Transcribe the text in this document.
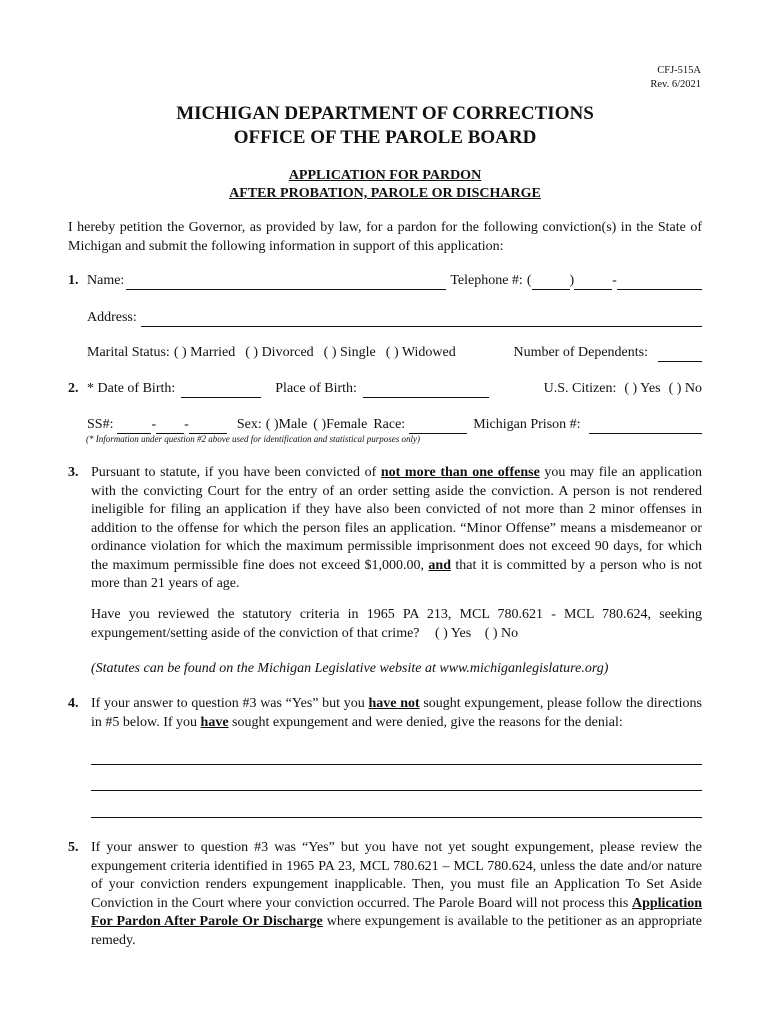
CFJ-515A
Rev. 6/2021
MICHIGAN DEPARTMENT OF CORRECTIONS
OFFICE OF THE PAROLE BOARD
APPLICATION FOR PARDON
AFTER PROBATION, PAROLE OR DISCHARGE
I hereby petition the Governor, as provided by law, for a pardon for the following conviction(s) in the State of Michigan and submit the following information in support of this application:
1. Name:	Telephone #: (	)	-
Address:
Marital Status: ( ) Married ( ) Divorced ( ) Single ( ) Widowed	Number of Dependents:
2. * Date of Birth:	Place of Birth:	U.S. Citizen: ( ) Yes ( ) No
SS#:	- -	Sex: ( )Male ( )Female Race:	Michigan Prison #:
(* Information under question #2 above used for identification and statistical purposes only)
3. Pursuant to statute, if you have been convicted of not more than one offense you may file an application with the convicting Court for the entry of an order setting aside the conviction. A person is not rendered ineligible for filing an application if they have also been convicted of not more than 2 minor offenses in addition to the offense for which the person files an application. “Minor Offense” means a misdemeanor or ordinance violation for which the maximum permissible imprisonment does not exceed 90 days, for which the maximum permissible fine does not exceed $1,000.00, and that it is committed by a person who is not more than 21 years of age.
Have you reviewed the statutory criteria in 1965 PA 213, MCL 780.621 - MCL 780.624, seeking expungement/setting aside of the conviction of that crime? ( ) Yes ( ) No
(Statutes can be found on the Michigan Legislative website at www.michiganlegislature.org)
4. If your answer to question #3 was “Yes” but you have not sought expungement, please follow the directions in #5 below. If you have sought expungement and were denied, give the reasons for the denial:
5. If your answer to question #3 was “Yes” but you have not yet sought expungement, please review the expungement criteria identified in 1965 PA 23, MCL 780.621 – MCL 780.624, unless the date and/or nature of your conviction renders expungement inapplicable. Then, you must file an Application To Set Aside Conviction in the Court where your conviction occurred. The Parole Board will not process this Application For Pardon After Parole Or Discharge where expungement is available to the petitioner as an appropriate remedy.
